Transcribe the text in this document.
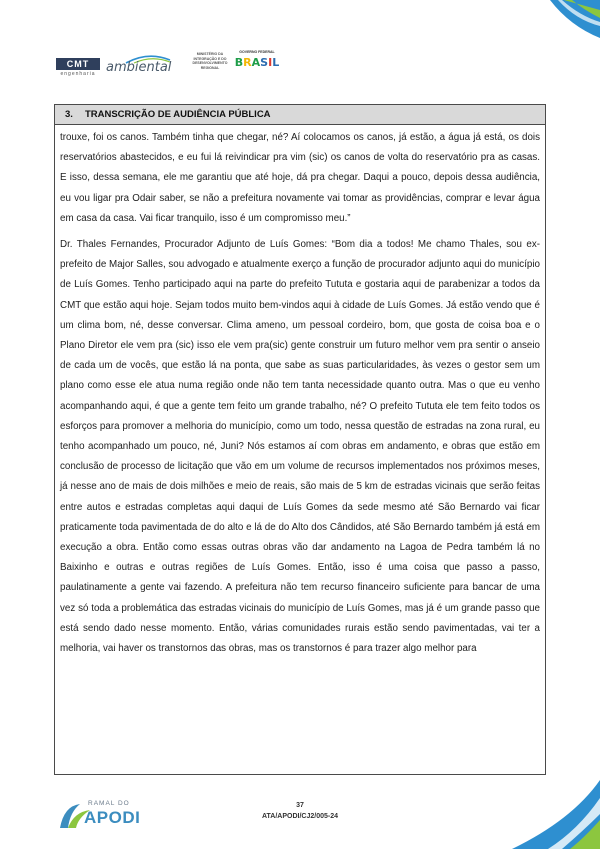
CMT
engenharia ambiental
MINISTÉRIO DA INTEGRAÇÃO E DO DESENVOLVIMENTO REGIONAL
GOVERNO FEDERAL
B R A S I L
3. TRANSCRIÇÃO DE AUDIÊNCIA PÚBLICA

trouxe, foi os canos. Também tinha que chegar, né? Aí colocamos os canos, já estão, a água já está, os dois reservatórios abastecidos, e eu fui lá reivindicar pra vim (sic) os canos de volta do reservatório pra as casas. E isso, dessa semana, ele me garantiu que até hoje, dá pra chegar. Daqui a pouco, depois dessa audiência, eu vou ligar pra Odair saber, se não a prefeitura novamente vai tomar as providências, comprar e levar água em casa da casa. Vai ficar tranquilo, isso é um compromisso meu.”

Dr. Thales Fernandes, Procurador Adjunto de Luís Gomes: “Bom dia a todos! Me chamo Thales, sou ex-prefeito de Major Salles, sou advogado e atualmente exerço a função de procurador adjunto aqui do município de Luís Gomes. Tenho participado aqui na parte do prefeito Tututa e gostaria aqui de parabenizar a todos da CMT que estão aqui hoje. Sejam todos muito bem-vindos aqui à cidade de Luís Gomes. Já estão vendo que é um clima bom, né, desse conversar. Clima ameno, um pessoal cordeiro, bom, que gosta de coisa boa e o Plano Diretor ele vem pra (sic) isso ele vem pra(sic) gente construir um futuro melhor vem pra sentir o anseio de cada um de vocês, que estão lá na ponta, que sabe as suas particularidades, às vezes o gestor sem um plano como esse ele atua numa região onde não tem tanta necessidade quanto outra. Mas o que eu venho acompanhando aqui, é que a gente tem feito um grande trabalho, né? O prefeito Tututa ele tem feito todos os esforços para promover a melhoria do município, como um todo, nessa questão de estradas na zona rural, eu tenho acompanhado um pouco, né, Juni? Nós estamos aí com obras em andamento, e obras que estão em conclusão de processo de licitação que vão em um volume de recursos implementados nos próximos meses, já nesse ano de mais de dois milhões e meio de reais, são mais de 5 km de estradas vicinais que serão feitas entre autos e estradas completas aqui daqui de Luís Gomes da sede mesmo até São Bernardo vai ficar praticamente toda pavimentada de do alto e lá de do Alto dos Cândidos, até São Bernardo também já está em execução a obra. Então como essas outras obras vão dar andamento na Lagoa de Pedra também lá no Baixinho e outras e outras regiões de Luís Gomes. Então, isso é uma coisa que passo a passo, paulatinamente a gente vai fazendo. A prefeitura não tem recurso financeiro suficiente para bancar de uma vez só toda a problemática das estradas vicinais do município de Luís Gomes, mas já é um grande passo que está sendo dado nesse momento. Então, várias comunidades rurais estão sendo pavimentadas, vai ter a melhoria, vai haver os transtornos das obras, mas os transtornos é para trazer algo melhor para

RAMAL DO
APODI
37
ATA/APODI/CJ2/005-24
